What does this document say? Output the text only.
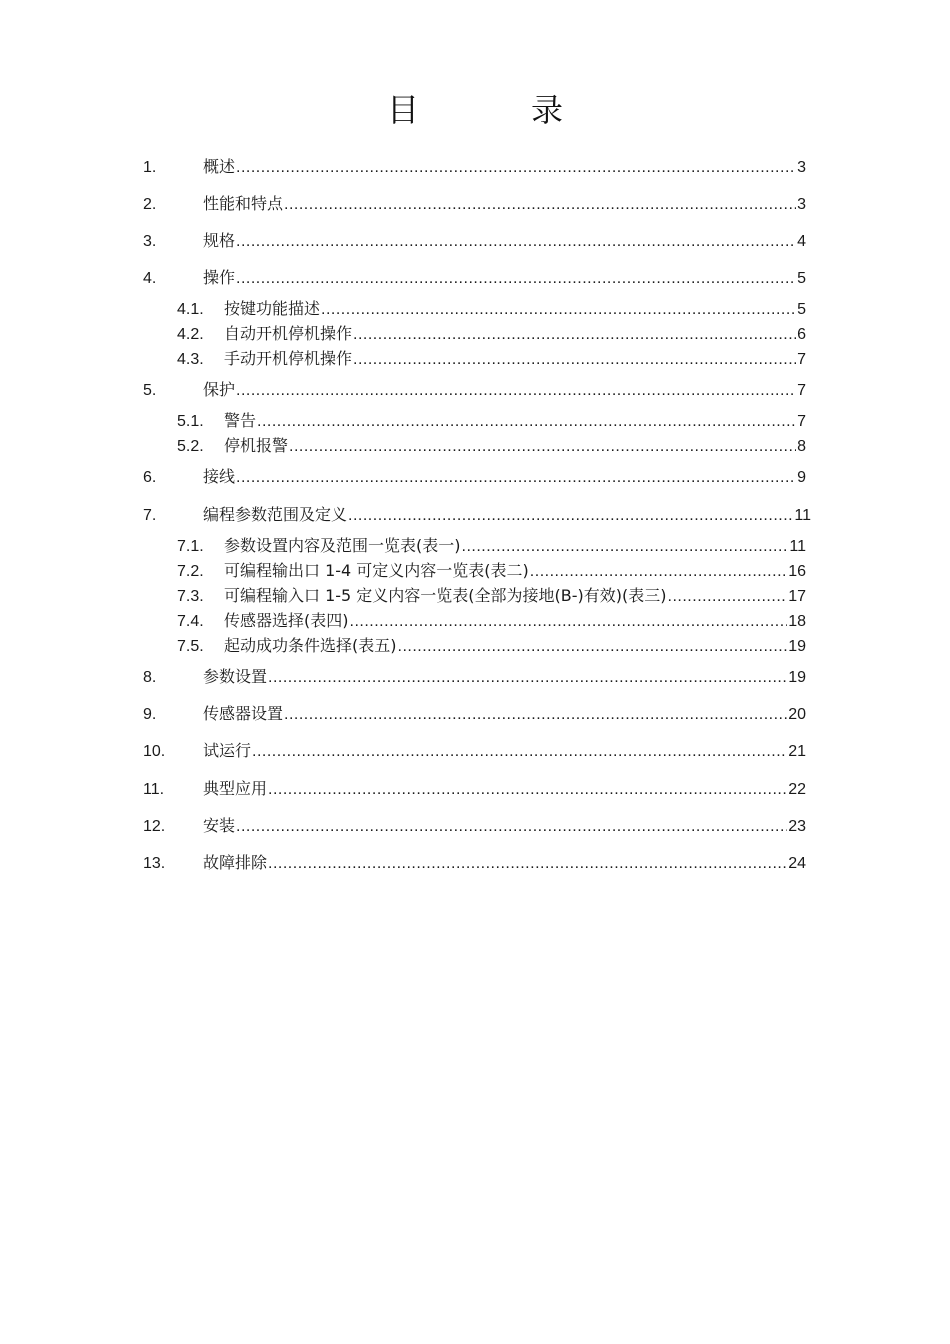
目　录
1.	概述 .....	3
2.	性能和特点 .....	3
3.	规格 .....	4
4.	操作 .....	5
4.1.	按键功能描述 .....	5
4.2.	自动开机停机操作 .....	6
4.3.	手动开机停机操作 .....	7
5.	保护 .....	7
5.1.	警告 .....	7
5.2.	停机报警 .....	8
6.	接线 .....	9
7.	编程参数范围及定义 .....	11
7.1.	参数设置内容及范围一览表(表一) .....	11
7.2.	可编程输出口 1-4 可定义内容一览表(表二) .....	16
7.3.	可编程输入口 1-5 定义内容一览表(全部为接地(B-)有效)(表三) .....	17
7.4.	传感器选择(表四) .....	18
7.5.	起动成功条件选择(表五) .....	19
8.	参数设置 .....	19
9.	传感器设置 .....	20
10.	试运行 .....	21
11.	典型应用 .....	22
12.	安装 .....	23
13.	故障排除 .....	24
